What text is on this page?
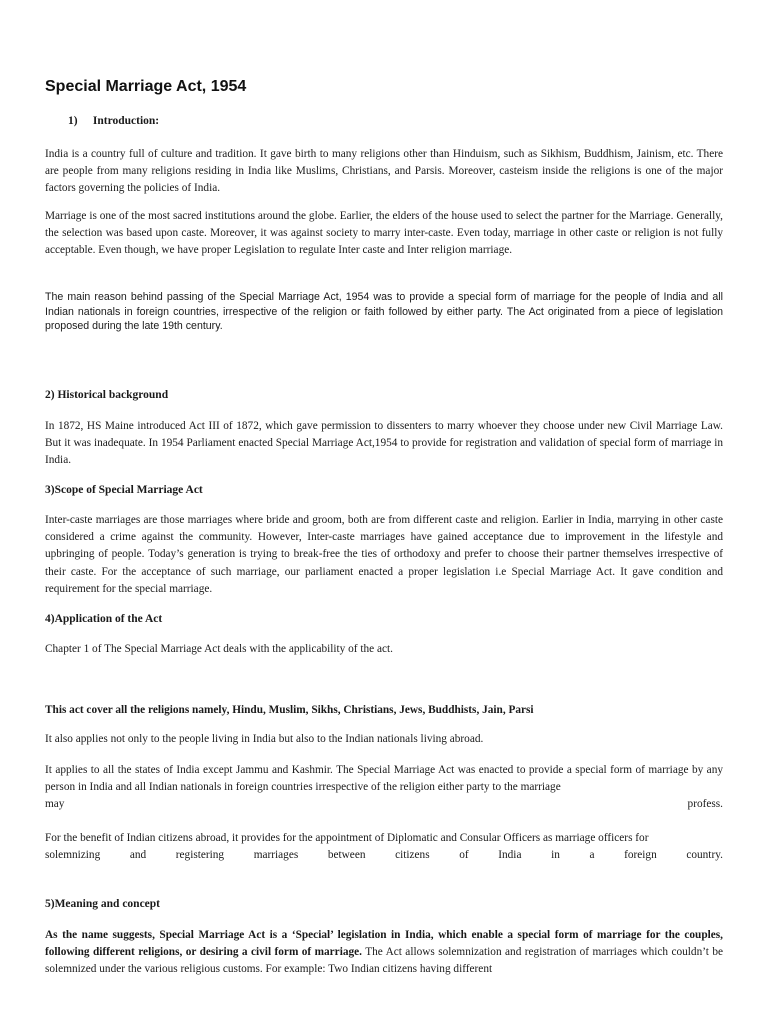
Special Marriage Act, 1954
1) Introduction:

India is a country full of culture and tradition. It gave birth to many religions other than Hinduism, such as Sikhism, Buddhism, Jainism, etc. There are people from many religions residing in India like Muslims, Christians, and Parsis. Moreover, casteism inside the religions is one of the major factors governing the policies of India.

Marriage is one of the most sacred institutions around the globe. Earlier, the elders of the house used to select the partner for the Marriage. Generally, the selection was based upon caste. Moreover, it was against society to marry inter-caste. Even today, marriage in other caste or religion is not fully acceptable. Even though, we have proper Legislation to regulate Inter caste and Inter religion marriage.

The main reason behind passing of the Special Marriage Act, 1954 was to provide a special form of marriage for the people of India and all Indian nationals in foreign countries, irrespective of the religion or faith followed by either party. The Act originated from a piece of legislation proposed during the late 19th century.

2) Historical background

In 1872, HS Maine introduced Act III of 1872, which gave permission to dissenters to marry whoever they choose under new Civil Marriage Law. But it was inadequate. In 1954 Parliament enacted Special Marriage Act,1954 to provide for registration and validation of special form of marriage in India.

3)Scope of Special Marriage Act

Inter-caste marriages are those marriages where bride and groom, both are from different caste and religion. Earlier in India, marrying in other caste considered a crime against the community. However, Inter-caste marriages have gained acceptance due to improvement in the lifestyle and upbringing of people. Today’s generation is trying to break-free the ties of orthodoxy and prefer to choose their partner themselves irrespective of their caste. For the acceptance of such marriage, our parliament enacted a proper legislation i.e Special Marriage Act. It gave condition and requirement for the special marriage.

4)Application of the Act

Chapter 1 of The Special Marriage Act deals with the applicability of the act.

This act cover all the religions namely, Hindu, Muslim, Sikhs, Christians, Jews, Buddhists, Jain, Parsi

It also applies not only to the people living in India but also to the Indian nationals living abroad.

It applies to all the states of India except Jammu and Kashmir. The Special Marriage Act was enacted to provide a special form of marriage by any person in India and all Indian nationals in foreign countries irrespective of the religion either party to the marriage

may	profess.

For the benefit of Indian citizens abroad, it provides for the appointment of Diplomatic and Consular Officers as marriage officers for

solemnizing	and	registering	marriages	between	citizens	of	India	in	a	foreign	country.

5)Meaning and concept

As the name suggests, Special Marriage Act is a ‘Special’ legislation in India, which enable a special form of marriage for the couples, following different religions, or desiring a civil form of marriage. The Act allows solemnization and registration of marriages which couldn’t be solemnized under the various religious customs. For example: Two Indian citizens having different
